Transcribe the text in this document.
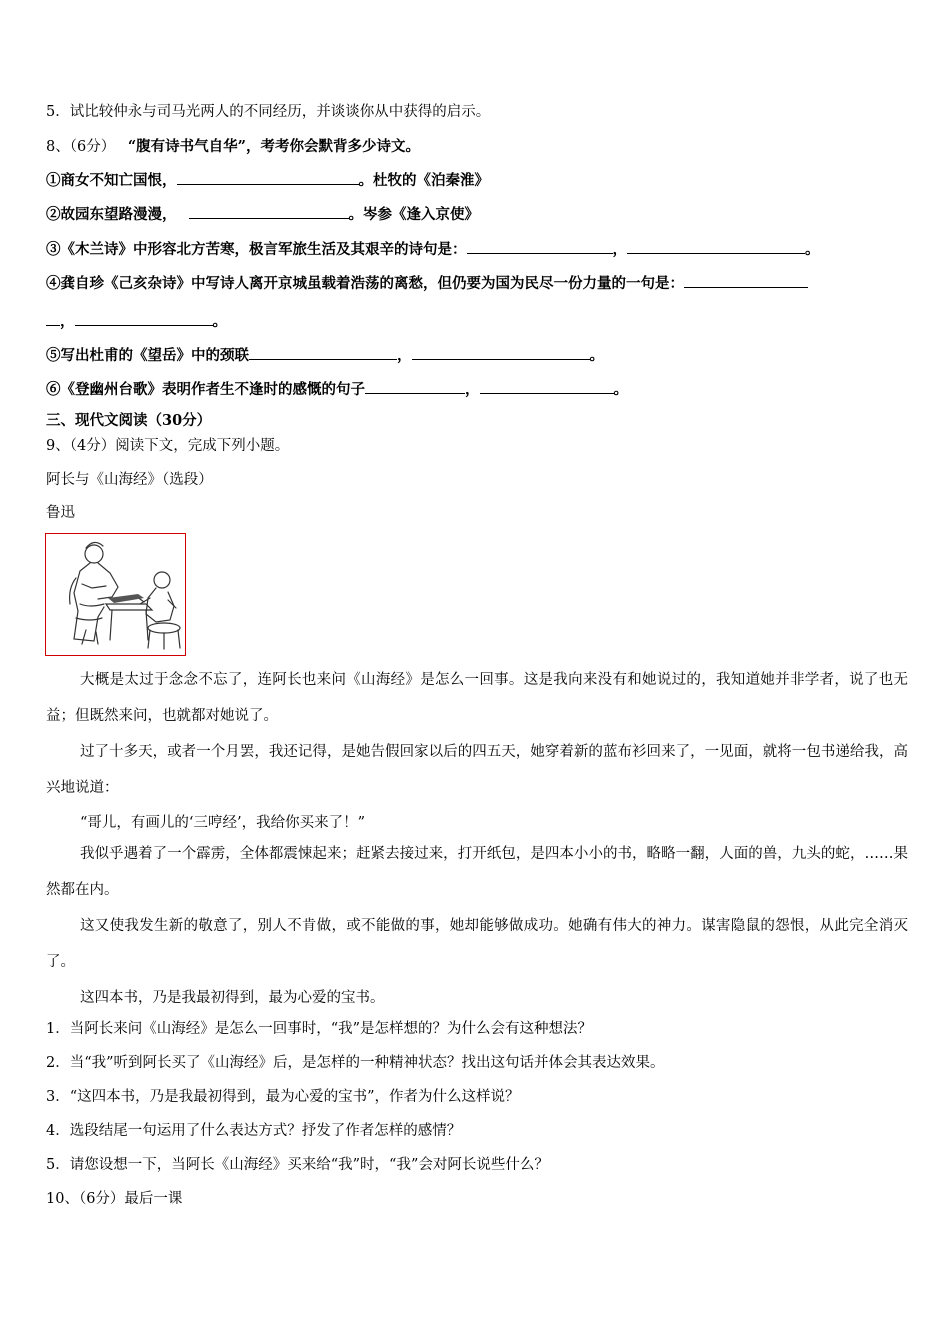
5．试比较仲永与司马光两人的不同经历，并谈谈你从中获得的启示。
8、（6分） “腹有诗书气自华”，考考你会默背多少诗文。
①商女不知亡国恨，	。杜牧的《泊秦淮》
②故园东望路漫漫，	。岑参《逢入京使》
③《木兰诗》中形容北方苦寒，极言军旅生活及其艰辛的诗句是：	，	。
④龚自珍《己亥杂诗》中写诗人离开京城虽载着浩荡的离愁，但仍要为国为民尽一份力量的一句是：
，	。
⑤写出杜甫的《望岳》中的颈联	，	。
⑥《登幽州台歌》表明作者生不逢时的感慨的句子	，	。
三、现代文阅读（30分）
9、（4分）阅读下文，完成下列小题。
阿长与《山海经》（选段）
鲁迅
大概是太过于念念不忘了，连阿长也来问《山海经》是怎么一回事。这是我向来没有和她说过的，我知道她并非学者，说了也无益；但既然来问，也就都对她说了。
过了十多天，或者一个月罢，我还记得，是她告假回家以后的四五天，她穿着新的蓝布衫回来了，一见面，就将一包书递给我，高兴地说道：
“哥儿，有画儿的‘三哼经’，我给你买来了！”
我似乎遇着了一个霹雳，全体都震悚起来；赶紧去接过来，打开纸包，是四本小小的书，略略一翻，人面的兽，九头的蛇，……果然都在内。
这又使我发生新的敬意了，别人不肯做，或不能做的事，她却能够做成功。她确有伟大的神力。谋害隐鼠的怨恨，从此完全消灭了。
这四本书，乃是我最初得到，最为心爱的宝书。
1．当阿长来问《山海经》是怎么一回事时，“我”是怎样想的？为什么会有这种想法？
2．当“我”听到阿长买了《山海经》后，是怎样的一种精神状态？找出这句话并体会其表达效果。
3．“这四本书，乃是我最初得到，最为心爱的宝书”，作者为什么这样说？
4．选段结尾一句运用了什么表达方式？抒发了作者怎样的感情？
5．请您设想一下，当阿长《山海经》买来给“我”时，“我”会对阿长说些什么？
10、（6分）最后一课
